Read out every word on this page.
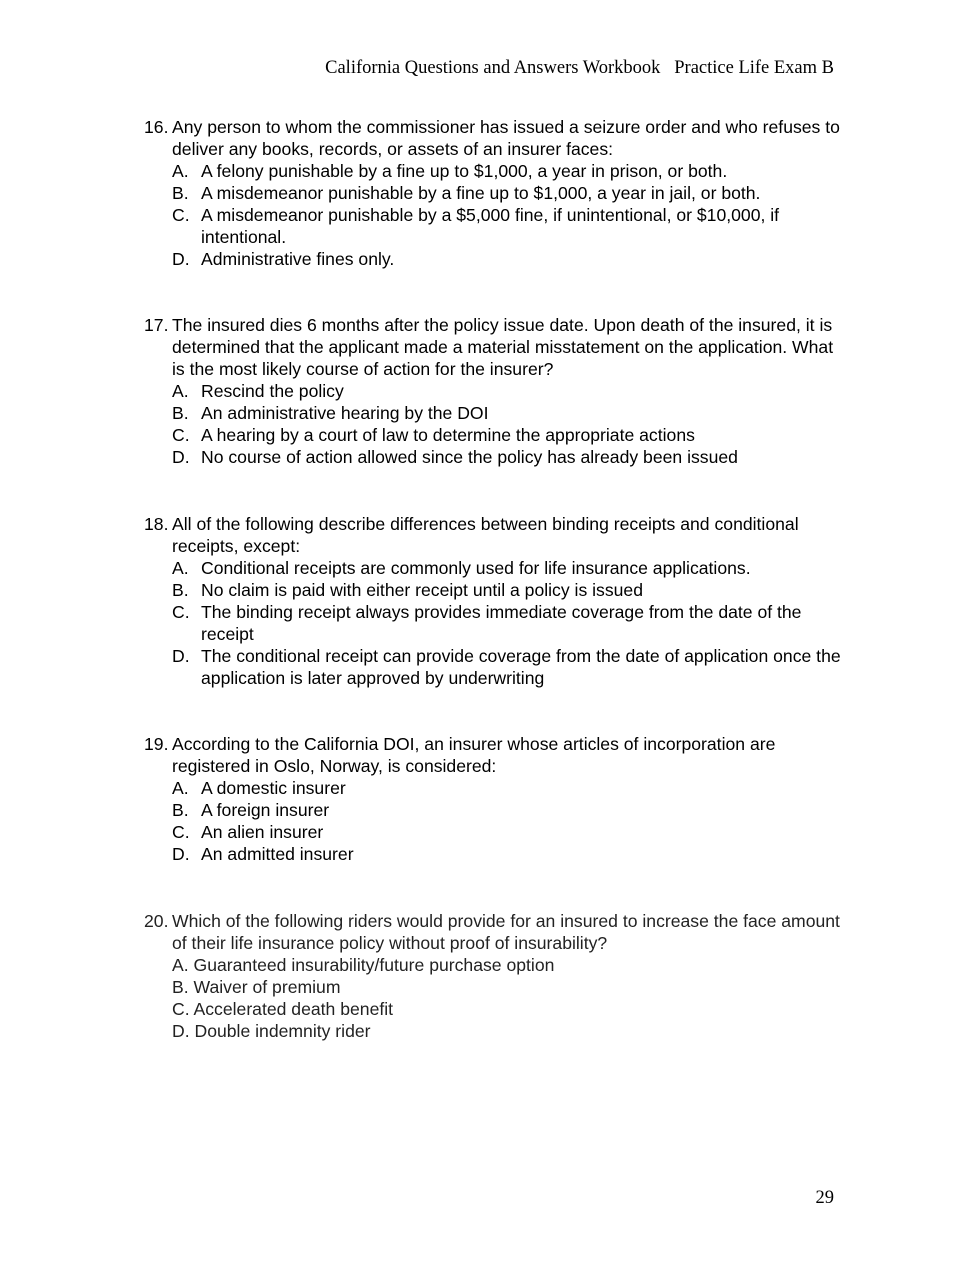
California Questions and Answers Workbook   Practice Life Exam B
16. Any person to whom the commissioner has issued a seizure order and who refuses to deliver any books, records, or assets of an insurer faces:
A. A felony punishable by a fine up to $1,000, a year in prison, or both.
B. A misdemeanor punishable by a fine up to $1,000, a year in jail, or both.
C. A misdemeanor punishable by a $5,000 fine, if unintentional, or $10,000, if intentional.
D. Administrative fines only.
17. The insured dies 6 months after the policy issue date. Upon death of the insured, it is determined that the applicant made a material misstatement on the application. What is the most likely course of action for the insurer?
A. Rescind the policy
B. An administrative hearing by the DOI
C. A hearing by a court of law to determine the appropriate actions
D. No course of action allowed since the policy has already been issued
18. All of the following describe differences between binding receipts and conditional receipts, except:
A. Conditional receipts are commonly used for life insurance applications.
B. No claim is paid with either receipt until a policy is issued
C. The binding receipt always provides immediate coverage from the date of the receipt
D. The conditional receipt can provide coverage from the date of application once the application is later approved by underwriting
19. According to the California DOI, an insurer whose articles of incorporation are registered in Oslo, Norway, is considered:
A. A domestic insurer
B. A foreign insurer
C. An alien insurer
D. An admitted insurer
20. Which of the following riders would provide for an insured to increase the face amount of their life insurance policy without proof of insurability?
A. Guaranteed insurability/future purchase option
B. Waiver of premium
C. Accelerated death benefit
D. Double indemnity rider
29
